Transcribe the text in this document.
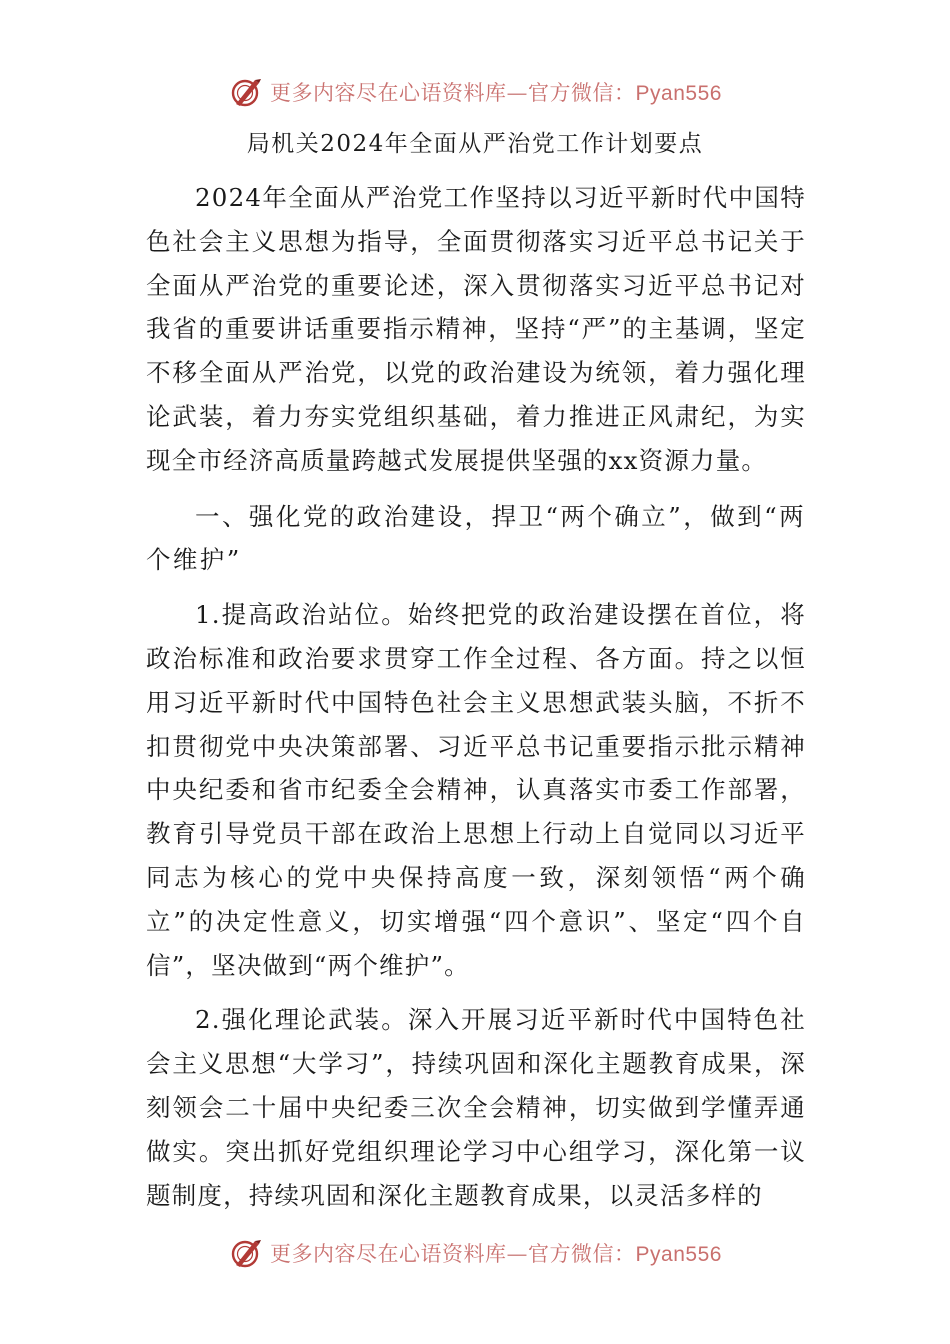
更多内容尽在心语资料库—官方微信：Pyan556
局机关2024年全面从严治党工作计划要点

2024年全面从严治党工作坚持以习近平新时代中国特色社会主义思想为指导，全面贯彻落实习近平总书记关于全面从严治党的重要论述，深入贯彻落实习近平总书记对我省的重要讲话重要指示精神，坚持“严”的主基调，坚定不移全面从严治党，以党的政治建设为统领，着力强化理论武装，着力夯实党组织基础，着力推进正风肃纪，为实现全市经济高质量跨越式发展提供坚强的xx资源力量。

一、强化党的政治建设，捍卫“两个确立”，做到“两个维护”

1.提高政治站位。始终把党的政治建设摆在首位，将政治标准和政治要求贯穿工作全过程、各方面。持之以恒用习近平新时代中国特色社会主义思想武装头脑，不折不扣贯彻党中央决策部署、习近平总书记重要指示批示精神中央纪委和省市纪委全会精神，认真落实市委工作部署，教育引导党员干部在政治上思想上行动上自觉同以习近平同志为核心的党中央保持高度一致，深刻领悟“两个确立”的决定性意义，切实增强“四个意识”、坚定“四个自信”，坚决做到“两个维护”。

2.强化理论武装。深入开展习近平新时代中国特色社会主义思想“大学习”，持续巩固和深化主题教育成果，深刻领会二十届中央纪委三次全会精神，切实做到学懂弄通做实。突出抓好党组织理论学习中心组学习，深化第一议题制度，持续巩固和深化主题教育成果，以灵活多样的

更多内容尽在心语资料库—官方微信：Pyan556
